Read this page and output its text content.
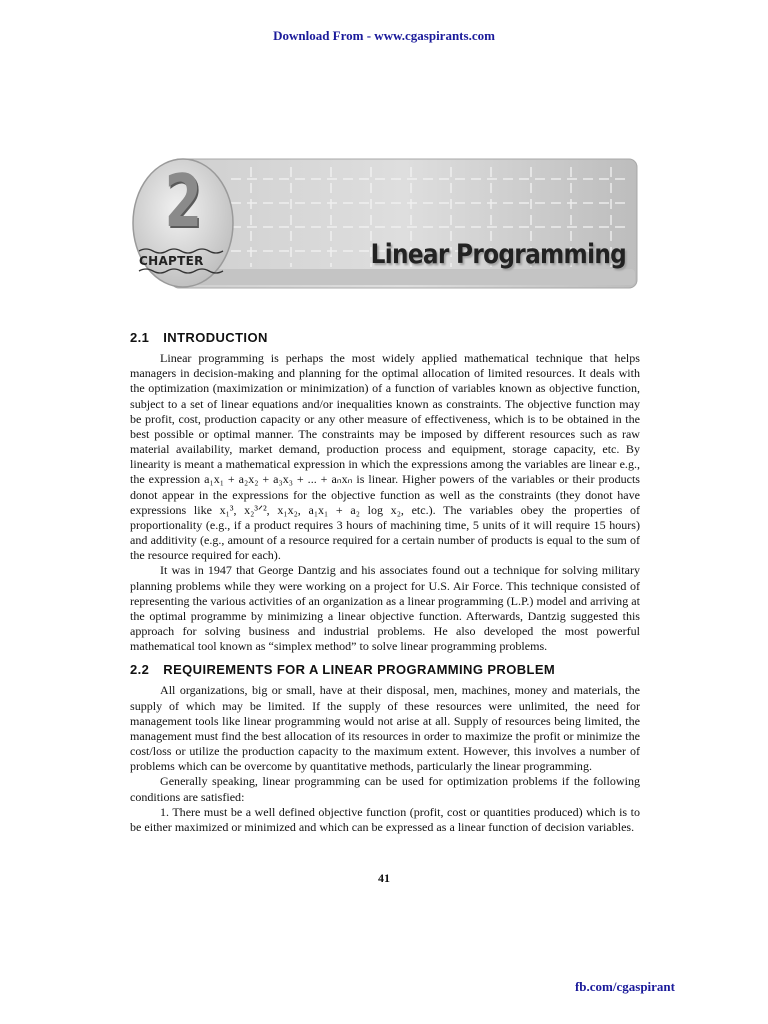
Download From - www.cgaspirants.com
2
CHAPTER	Linear Programming
2.1 INTRODUCTION

Linear programming is perhaps the most widely applied mathematical technique that helps managers in decision-making and planning for the optimal allocation of limited resources. It deals with the optimization (maximization or minimization) of a function of variables known as objective function, subject to a set of linear equations and/or inequalities known as constraints. The objective function may be profit, cost, production capacity or any other measure of effectiveness, which is to be obtained in the best possible or optimal manner. The constraints may be imposed by different resources such as raw material availability, market demand, production process and equipment, storage capacity, etc. By linearity is meant a mathematical expression in which the expressions among the variables are linear e.g., the expression a₁x₁ + a₂x₂ + a₃x₃ + ... + aₙxₙ is linear. Higher powers of the variables or their products donot appear in the expressions for the objective function as well as the constraints (they donot have expressions like x₁³, x₂³ᐟ², x₁x₂, a₁x₁ + a₂ log x₂, etc.). The variables obey the properties of proportionality (e.g., if a product requires 3 hours of machining time, 5 units of it will require 15 hours) and additivity (e.g., amount of a resource required for a certain number of products is equal to the sum of the resource required for each).

It was in 1947 that George Dantzig and his associates found out a technique for solving military planning problems while they were working on a project for U.S. Air Force. This technique consisted of representing the various activities of an organization as a linear programming (L.P.) model and arriving at the optimal programme by minimizing a linear objective function. Afterwards, Dantzig suggested this approach for solving business and industrial problems. He also developed the most powerful mathematical tool known as “simplex method” to solve linear programming problems.

2.2 REQUIREMENTS FOR A LINEAR PROGRAMMING PROBLEM

All organizations, big or small, have at their disposal, men, machines, money and materials, the supply of which may be limited. If the supply of these resources were unlimited, the need for management tools like linear programming would not arise at all. Supply of resources being limited, the management must find the best allocation of its resources in order to maximize the profit or minimize the cost/loss or utilize the production capacity to the maximum extent. However, this involves a number of problems which can be overcome by quantitative methods, particularly the linear programming.

Generally speaking, linear programming can be used for optimization problems if the following conditions are satisfied:

1. There must be a well defined objective function (profit, cost or quantities produced) which is to be either maximized or minimized and which can be expressed as a linear function of decision variables.

41
fb.com/cgaspirant
